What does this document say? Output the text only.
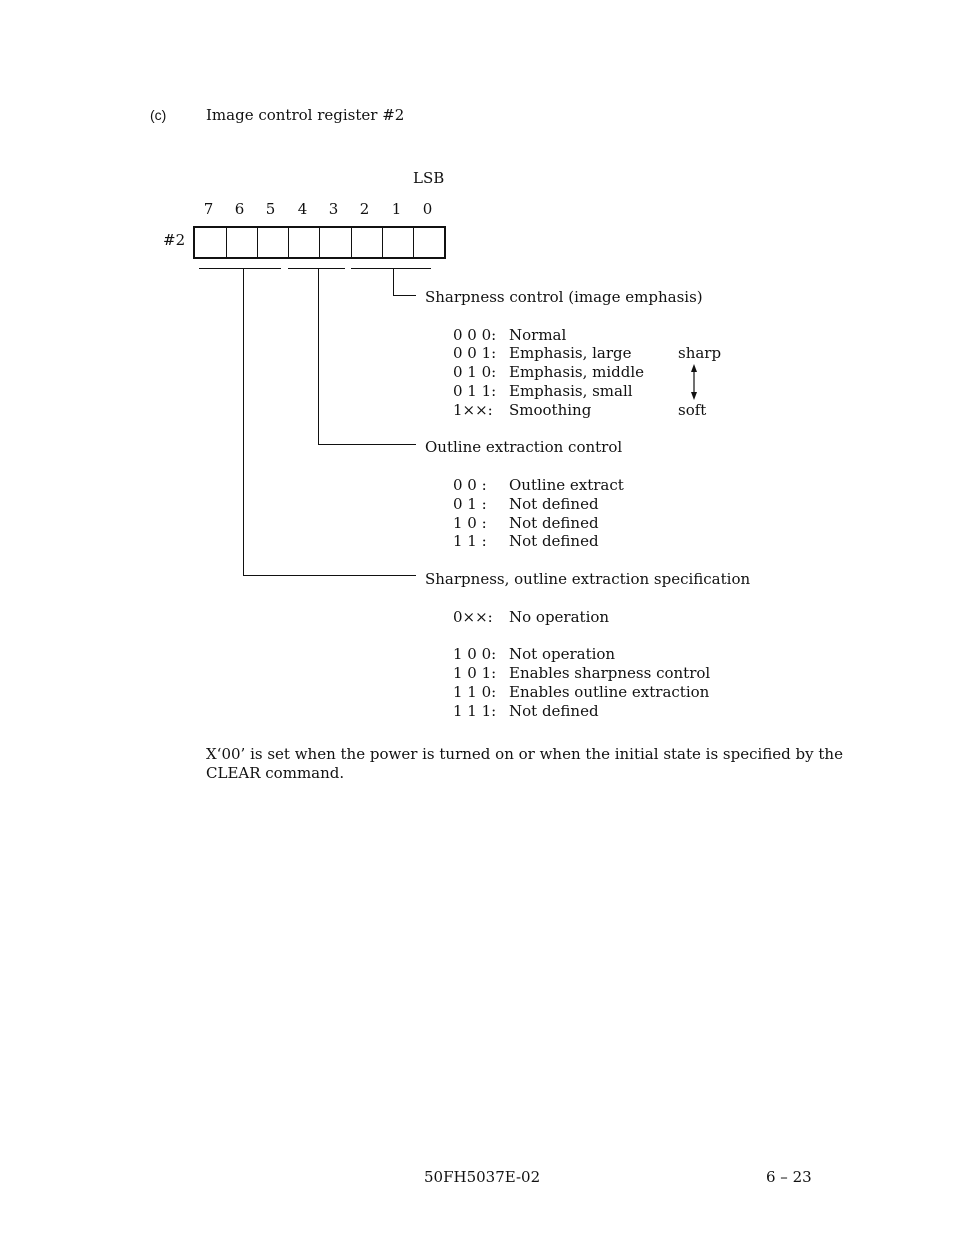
(c)	Image control register #2
LSB
7	6	5	4	3	2	1	0
#2
Sharpness control (image emphasis)
0 0 0: Normal
0 0 1: Emphasis, large
0 1 0: Emphasis, middle
0 1 1: Emphasis, small
1××: Smoothing
sharp
soft
Outline extraction control
0 0 : Outline extract
0 1 : Not defined
1 0 : Not defined
1 1 : Not defined
Sharpness, outline extraction specification
0××: No operation
1 0 0: Not operation
1 0 1: Enables sharpness control
1 1 0: Enables outline extraction
1 1 1: Not defined
X‘00’ is set when the power is turned on or when the initial state is specified by the
CLEAR command.
50FH5037E-02	6 – 23
